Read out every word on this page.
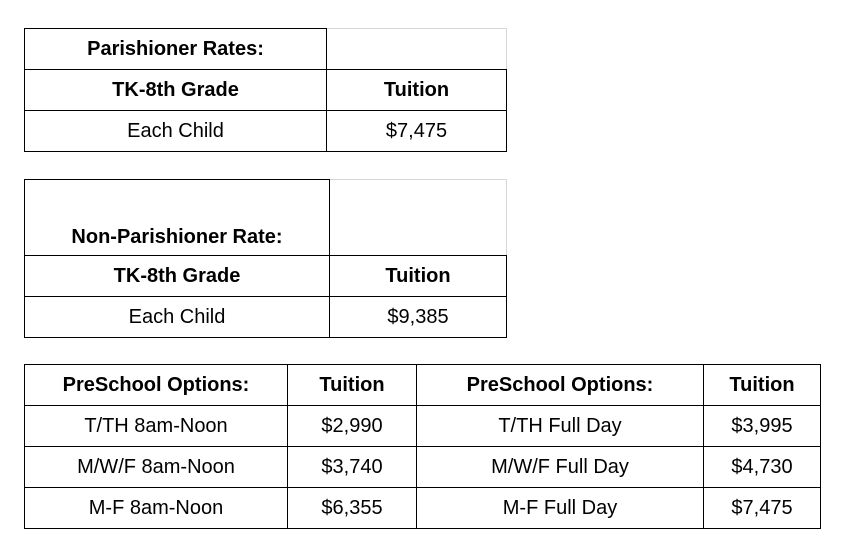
Parishioner Rates:	
TK-8th Grade	Tuition
Each Child	$7,475
Non-Parishioner Rate:	
TK-8th Grade	Tuition
Each Child	$9,385
PreSchool Options:	Tuition	PreSchool Options:	Tuition
T/TH 8am-Noon	$2,990	T/TH Full Day	$3,995
M/W/F 8am-Noon	$3,740	M/W/F Full Day	$4,730
M-F 8am-Noon	$6,355	M-F Full Day	$7,475
